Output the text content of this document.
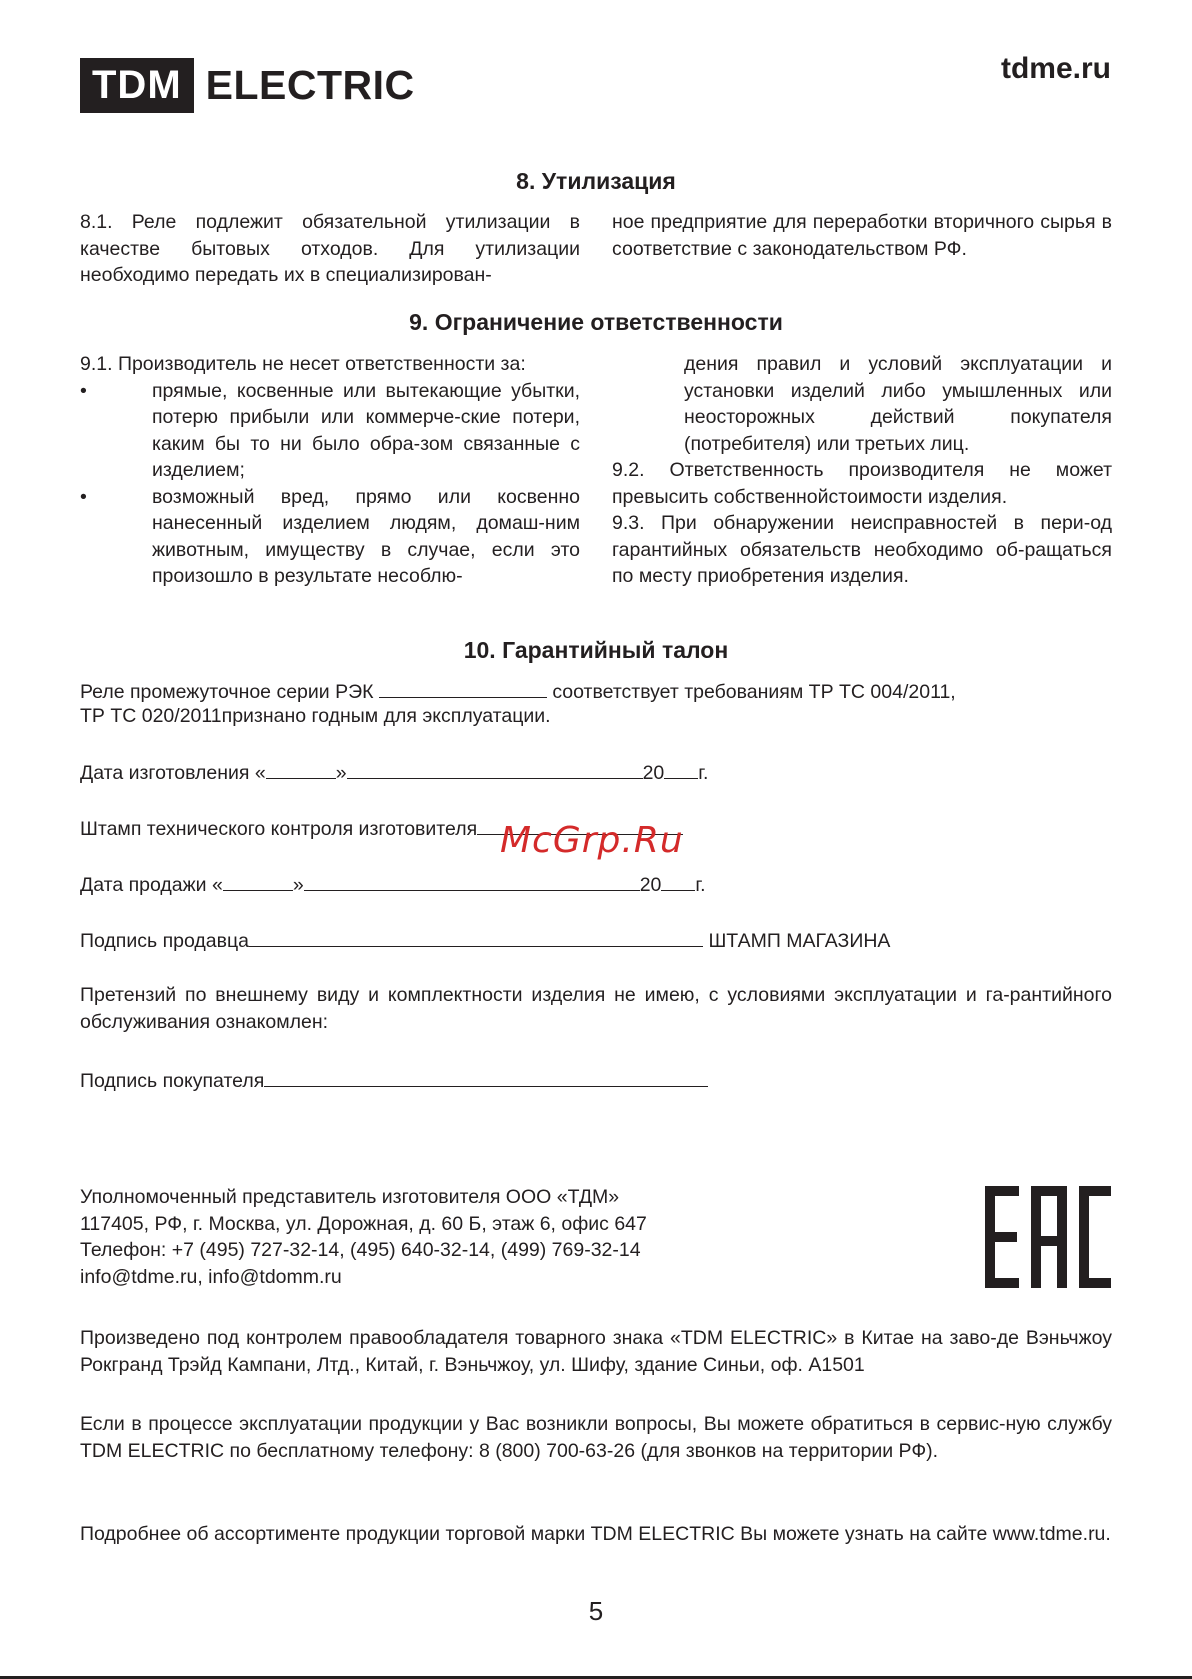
TDM ELECTRIC	tdme.ru
8. Утилизация

8.1. Реле подлежит обязательной утилизации в качестве бытовых отходов. Для утилизации необходимо передать их в специализирован-

ное предприятие для переработки вторичного сырья в соответствие с законодательством РФ.

9. Ограничение ответственности

9.1. Производитель не несет ответственности за:

•	прямые, косвенные или вытекающие убытки, потерю прибыли или коммерче-ские потери, каким бы то ни было обра-зом связанные с изделием;

•	возможный вред, прямо или косвенно нанесенный изделием людям, домаш-ним животным, имуществу в случае, если это произошло в результате несоблю-

дения правил и условий эксплуатации и установки изделий либо умышленных или неосторожных действий покупателя (потребителя) или третьих лиц.

9.2. Ответственность производителя не может превысить собственнойстоимости изделия.

9.3. При обнаружении неисправностей в пери-од гарантийных обязательств необходимо об-ращаться по месту приобретения изделия.

10. Гарантийный талон
Реле промежуточное серии РЭК	соответствует требованиям ТР ТС 004/2011,
ТР ТС 020/2011признано годным для эксплуатации.
Дата изготовления «	»	20 г.
Штамп технического контроля изготовителя
Дата продажи «	»	20 г.
Подпись продавца	ШТАМП МАГАЗИНА

Претензий по внешнему виду и комплектности изделия не имею, с условиями эксплуатации и га-рантийного обслуживания ознакомлен:

Подпись покупателя
McGrp.Ru
Уполномоченный представитель изготовителя ООО «ТДМ»
117405, РФ, г. Москва, ул. Дорожная, д. 60 Б, этаж 6, офис 647
Телефон: +7 (495) 727-32-14, (495) 640-32-14, (499) 769-32-14
info@tdme.ru, info@tdomm.ru

Произведено под контролем правообладателя товарного знака «TDM ELECTRIC» в Китае на заво-де Вэньчжоу Рокгранд Трэйд Кампани, Лтд., Китай, г. Вэньчжоу, ул. Шифу, здание Синьи, оф. А1501

Если в процессе эксплуатации продукции у Вас возникли вопросы, Вы можете обратиться в сервис-ную службу TDM ELECTRIC по бесплатному телефону: 8 (800) 700-63-26 (для звонков на территории РФ).

Подробнее об ассортименте продукции торговой марки TDM ELECTRIC Вы можете узнать на сайте www.tdme.ru.

5
